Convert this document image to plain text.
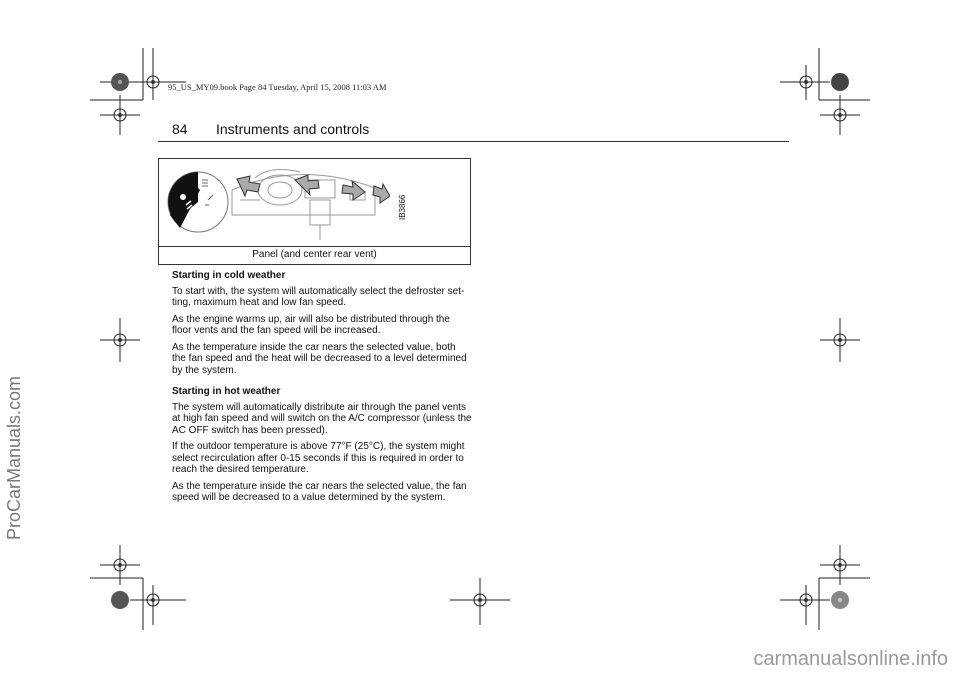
95_US_MY09.book Page 84 Tuesday, April 15, 2008 11:03 AM
84 Instruments and controls
IB3866
Panel (and center rear vent)
Starting in cold weather

To start with, the system will automatically select the defroster set-ting, maximum heat and low fan speed.

As the engine warms up, air will also be distributed through the floor vents and the fan speed will be increased.

As the temperature inside the car nears the selected value, both the fan speed and the heat will be decreased to a level determined by the system.

Starting in hot weather

The system will automatically distribute air through the panel vents at high fan speed and will switch on the A/C compressor (unless the AC OFF switch has been pressed).

If the outdoor temperature is above 77°F (25°C), the system might select recirculation after 0-15 seconds if this is required in order to reach the desired temperature.

As the temperature inside the car nears the selected value, the fan speed will be decreased to a value determined by the system.

ProCarManuals.com
carmanualsonline.info
